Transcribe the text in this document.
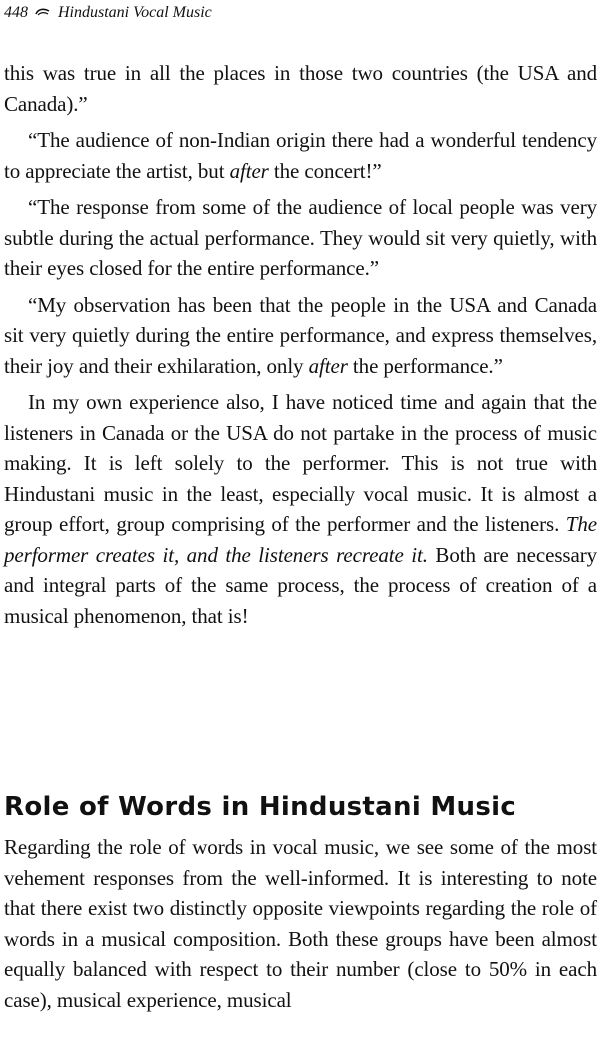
448 Hindustani Vocal Music

this was true in all the places in those two countries (the USA and Canada).”

“The audience of non-Indian origin there had a wonderful tendency to appreciate the artist, but after the concert!”

“The response from some of the audience of local people was very subtle during the actual performance. They would sit very quietly, with their eyes closed for the entire performance.”

“My observation has been that the people in the USA and Canada sit very quietly during the entire performance, and express themselves, their joy and their exhilaration, only after the performance.”

In my own experience also, I have noticed time and again that the listeners in Canada or the USA do not partake in the process of music making. It is left solely to the performer. This is not true with Hindustani music in the least, especially vocal music. It is almost a group effort, group comprising of the performer and the listeners. The performer creates it, and the listeners recreate it. Both are necessary and integral parts of the same process, the process of creation of a musical phenomenon, that is!

Role of Words in Hindustani Music

Regarding the role of words in vocal music, we see some of the most vehement responses from the well-informed. It is interesting to note that there exist two distinctly opposite viewpoints regarding the role of words in a musical composition. Both these groups have been almost equally balanced with respect to their number (close to 50% in each case), musical experience, musical
